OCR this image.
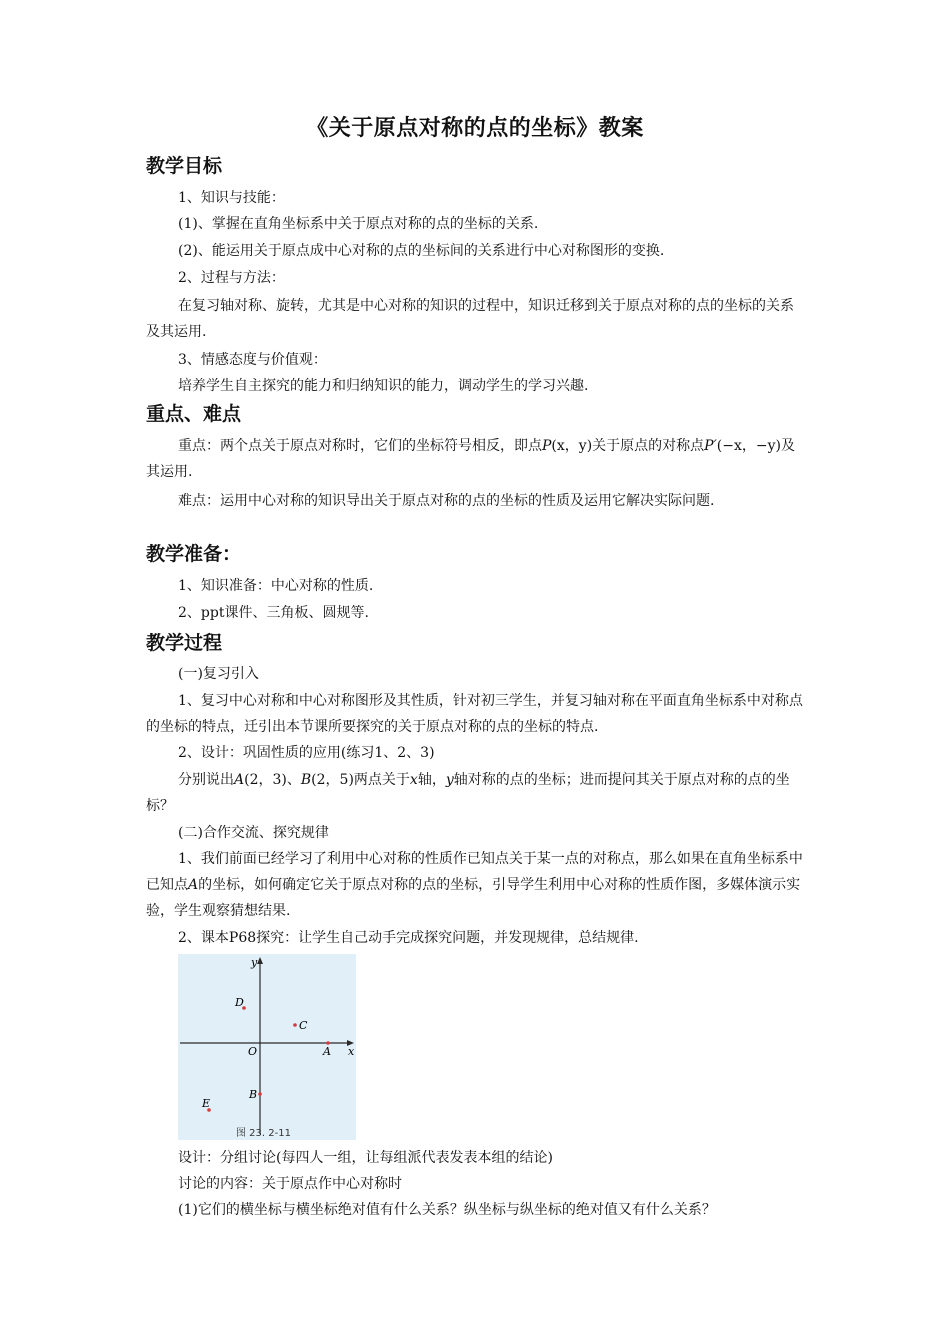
《关于原点对称的点的坐标》教案
教学目标
1、知识与技能：
(1)、掌握在直角坐标系中关于原点对称的点的坐标的关系.
(2)、能运用关于原点成中心对称的点的坐标间的关系进行中心对称图形的变换.
2、过程与方法：
在复习轴对称、旋转，尤其是中心对称的知识的过程中，知识迁移到关于原点对称的点的坐标的关系及其运用.
3、情感态度与价值观：
培养学生自主探究的能力和归纳知识的能力，调动学生的学习兴趣.
重点、难点
重点：两个点关于原点对称时，它们的坐标符号相反，即点P(x，y)关于原点的对称点P′(−x，−y)及其运用.
难点：运用中心对称的知识导出关于原点对称的点的坐标的性质及运用它解决实际问题.
教学准备：
1、知识准备：中心对称的性质.
2、ppt课件、三角板、圆规等.
教学过程
(一)复习引入
1、复习中心对称和中心对称图形及其性质，针对初三学生，并复习轴对称在平面直角坐标系中对称点的坐标的特点，迁引出本节课所要探究的关于原点对称的点的坐标的特点.
2、设计：巩固性质的应用(练习1、2、3)
分别说出A(2，3)、B(2，5)两点关于x轴，y轴对称的点的坐标；进而提问其关于原点对称的点的坐标？
(二)合作交流、探究规律
1、我们前面已经学习了利用中心对称的性质作已知点关于某一点的对称点，那么如果在直角坐标系中已知点A的坐标，如何确定它关于原点对称的点的坐标，引导学生利用中心对称的性质作图，多媒体演示实验，学生观察猜想结果.
2、课本P68探究：让学生自己动手完成探究问题，并发现规律，总结规律.
x
y
O
D
C
A
B
E
图 23. 2-11
设计：分组讨论(每四人一组，让每组派代表发表本组的结论)
讨论的内容：关于原点作中心对称时
(1)它们的横坐标与横坐标绝对值有什么关系？纵坐标与纵坐标的绝对值又有什么关系？
